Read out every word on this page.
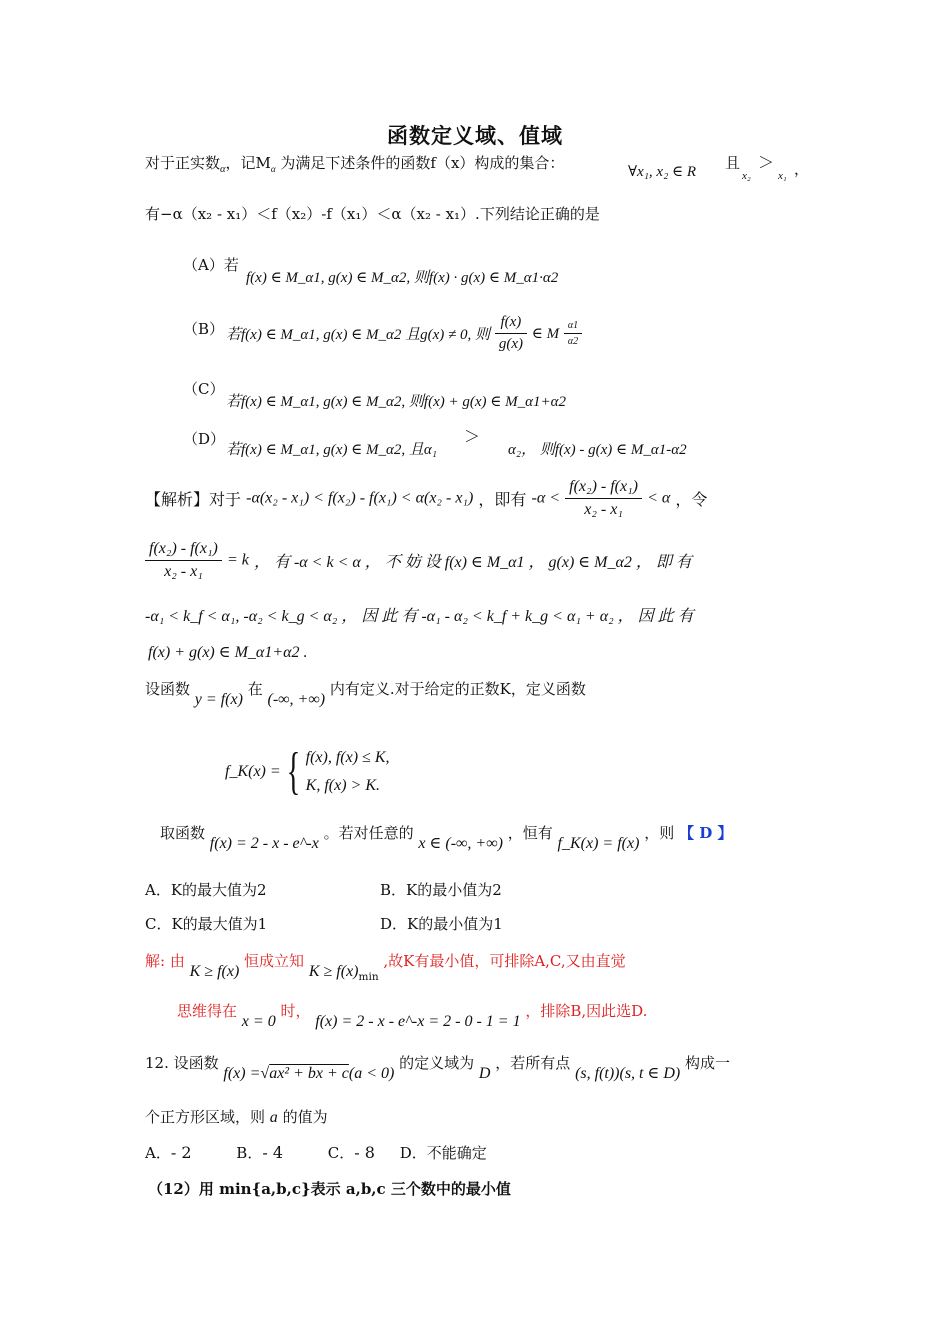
函数定义域、值域
对于正实数$_\alpha$，记$M_\alpha$ 为满足下述条件的函数f（x）构成的集合：	∀x₁, x₂ ∈ R 且
x₂
＞
x₁ ，
有−α（x₂ - x₁）＜f（x₂）-f（x₁）＜α（x₂ - x₁）.下列结论正确的是
（A）若
f(x) ∈ M_α1, g(x) ∈ M_α2, 则f(x) · g(x) ∈ M_α1·α2
（B） 若f(x) ∈ M_α1, g(x) ∈ M_α2 且g(x) ≠ 0, 则 $\frac{f(x)}{g(x)}$ ∈ M $\frac{\alpha 1}{\alpha 2}$
（C）
若f(x) ∈ M_α1, g(x) ∈ M_α2, 则f(x) + g(x) ∈ M_α1+α2
（D）
若f(x) ∈ M_α1, g(x) ∈ M_α2, 且α₁
＞
α₂， 则f(x) - g(x) ∈ M_α1-α2
【解析】对于 -α(x₂ - x₁) < f(x₂) - f(x₁) < α(x₂ - x₁) ，即有 $-\alpha < \frac{\text{f(x₂) - f(x₁)}}{\text{x₂ - x₁}} < \alpha$ ，令
$\frac{\text{f(x₂) - f(x₁)}}{\text{x₂ - x₁}} = k$ ， 有 -α < k < α ， 不 妨 设 f(x) ∈ M_α1 ， g(x) ∈ M_α2 ， 即 有
-α₁ < k_f < α₁, -α₂ < k_g < α₂ ， 因 此 有 -α₁ - α₂ < k_f + k_g < α₁ + α₂ ， 因 此 有
f(x) + g(x) ∈ M_α1+α2 .
设函数 y = f(x) 在 (-∞, +∞) 内有定义.对于给定的正数K，定义函数
f_K(x) = { f(x), f(x) ≤ K,
K, f(x) > K.
取函数 f(x) = 2 - x - e^-x 。若对任意的 x ∈ (-∞, +∞) ，恒有 f_K(x) = f(x) ，则 【 D 】
A．K的最大值为2	B．K的最小值为2
C．K的最大值为1	D．K的最小值为1
解: 由 K ≥ f(x) 恒成立知 $K \ge f(x)_{min}$ ,故K有最小值，可排除A,C,又由直觉
思维得在 x = 0 时， f(x) = 2 - x - e^-x = 2 - 0 - 1 = 1 ，排除B,因此选D.
12. 设函数 f(x) =√ax² + bx + c(a < 0) 的定义域为 D ，若所有点 (s, f(t))(s, t ∈ D) 构成一
个正方形区域，则 a 的值为
A．- 2	B．- 4	C．- 8 D．不能确定
（12）用 min{a,b,c}表示 a,b,c 三个数中的最小值
